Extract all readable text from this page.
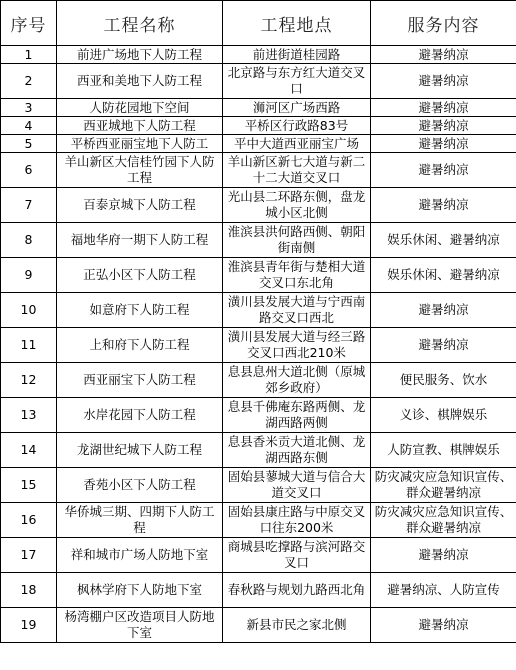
序号	工程名称	工程地点	服务内容
1	前进广场地下人防工程	前进街道桂园路	避暑纳凉
2	西亚和美地下人防工程	北京路与东方红大道交叉口	避暑纳凉
3	人防花园地下空间	浉河区广场西路	避暑纳凉
4	西亚城地下人防工程	平桥区行政路83号	避暑纳凉
5	平桥西亚丽宝地下人防工	平中大道西亚丽宝广场	避暑纳凉
6	羊山新区大信桂竹园下人防工程	羊山新区新七大道与新二十二大道交叉口	避暑纳凉
7	百泰京城下人防工程	光山县二环路东侧，盘龙城小区北侧	避暑纳凉
8	福地华府一期下人防工程	淮滨县洪何路西侧、朝阳街南侧	娱乐休闲、避暑纳凉
9	正弘小区下人防工程	淮滨县青年街与楚相大道交叉口东北角	娱乐休闲、避暑纳凉
10	如意府下人防工程	潢川县发展大道与宁西南路交叉口西北	避暑纳凉
11	上和府下人防工程	潢川县发展大道与经三路交叉口西北210米	避暑纳凉
12	西亚丽宝下人防工程	息县息州大道北侧（原城郊乡政府）	便民服务、饮水
13	水岸花园下人防工程	息县千佛庵东路两侧、龙湖西路两侧	义诊、棋牌娱乐
14	龙湖世纪城下人防工程	息县香米贡大道北侧、龙湖西路东侧	人防宣教、棋牌娱乐
15	香苑小区下人防工程	固始县蓼城大道与信合大道交叉口	防灾减灾应急知识宣传、群众避暑纳凉
16	华侨城三期、四期下人防工程	固始县康庄路与中原交叉口往东200米	防灾减灾应急知识宣传、群众避暑纳凉
17	祥和城市广场人防地下室	商城县吃撑路与滨河路交叉口	避暑纳凉
18	枫林学府下人防地下室	春秋路与规划九路西北角	避暑纳凉、人防宣传
19	杨湾棚户区改造项目人防地下室	新县市民之家北侧	避暑纳凉
